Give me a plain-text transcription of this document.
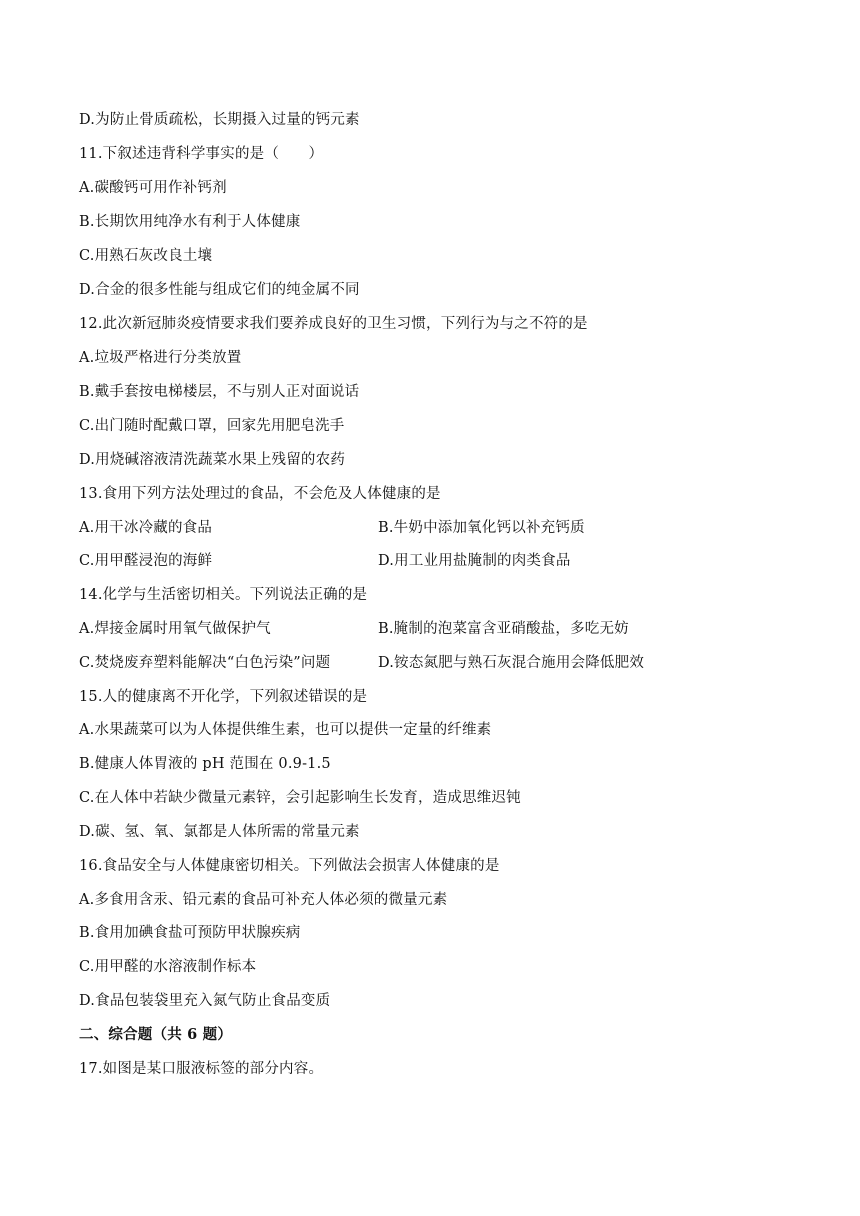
D.为防止骨质疏松，长期摄入过量的钙元素
11.下叙述违背科学事实的是（　　）
A.碳酸钙可用作补钙剂
B.长期饮用纯净水有利于人体健康
C.用熟石灰改良土壤
D.合金的很多性能与组成它们的纯金属不同
12.此次新冠肺炎疫情要求我们要养成良好的卫生习惯，下列行为与之不符的是
A.垃圾严格进行分类放置
B.戴手套按电梯楼层，不与别人正对面说话
C.出门随时配戴口罩，回家先用肥皂洗手
D.用烧碱溶液清洗蔬菜水果上残留的农药
13.食用下列方法处理过的食品，不会危及人体健康的是
A.用干冰冷藏的食品	B.牛奶中添加氧化钙以补充钙质
C.用甲醛浸泡的海鲜	D.用工业用盐腌制的肉类食品
14.化学与生活密切相关。下列说法正确的是
A.焊接金属时用氧气做保护气	B.腌制的泡菜富含亚硝酸盐，多吃无妨
C.焚烧废弃塑料能解决“白色污染”问题	D.铵态氮肥与熟石灰混合施用会降低肥效
15.人的健康离不开化学，下列叙述错误的是
A.水果蔬菜可以为人体提供维生素，也可以提供一定量的纤维素
B.健康人体胃液的 pH 范围在 0.9-1.5
C.在人体中若缺少微量元素锌，会引起影响生长发育，造成思维迟钝
D.碳、氢、氧、氯都是人体所需的常量元素
16.食品安全与人体健康密切相关。下列做法会损害人体健康的是
A.多食用含汞、铅元素的食品可补充人体必须的微量元素
B.食用加碘食盐可预防甲状腺疾病
C.用甲醛的水溶液制作标本
D.食品包装袋里充入氮气防止食品变质
二、综合题（共 6 题）
17.如图是某口服液标签的部分内容。
